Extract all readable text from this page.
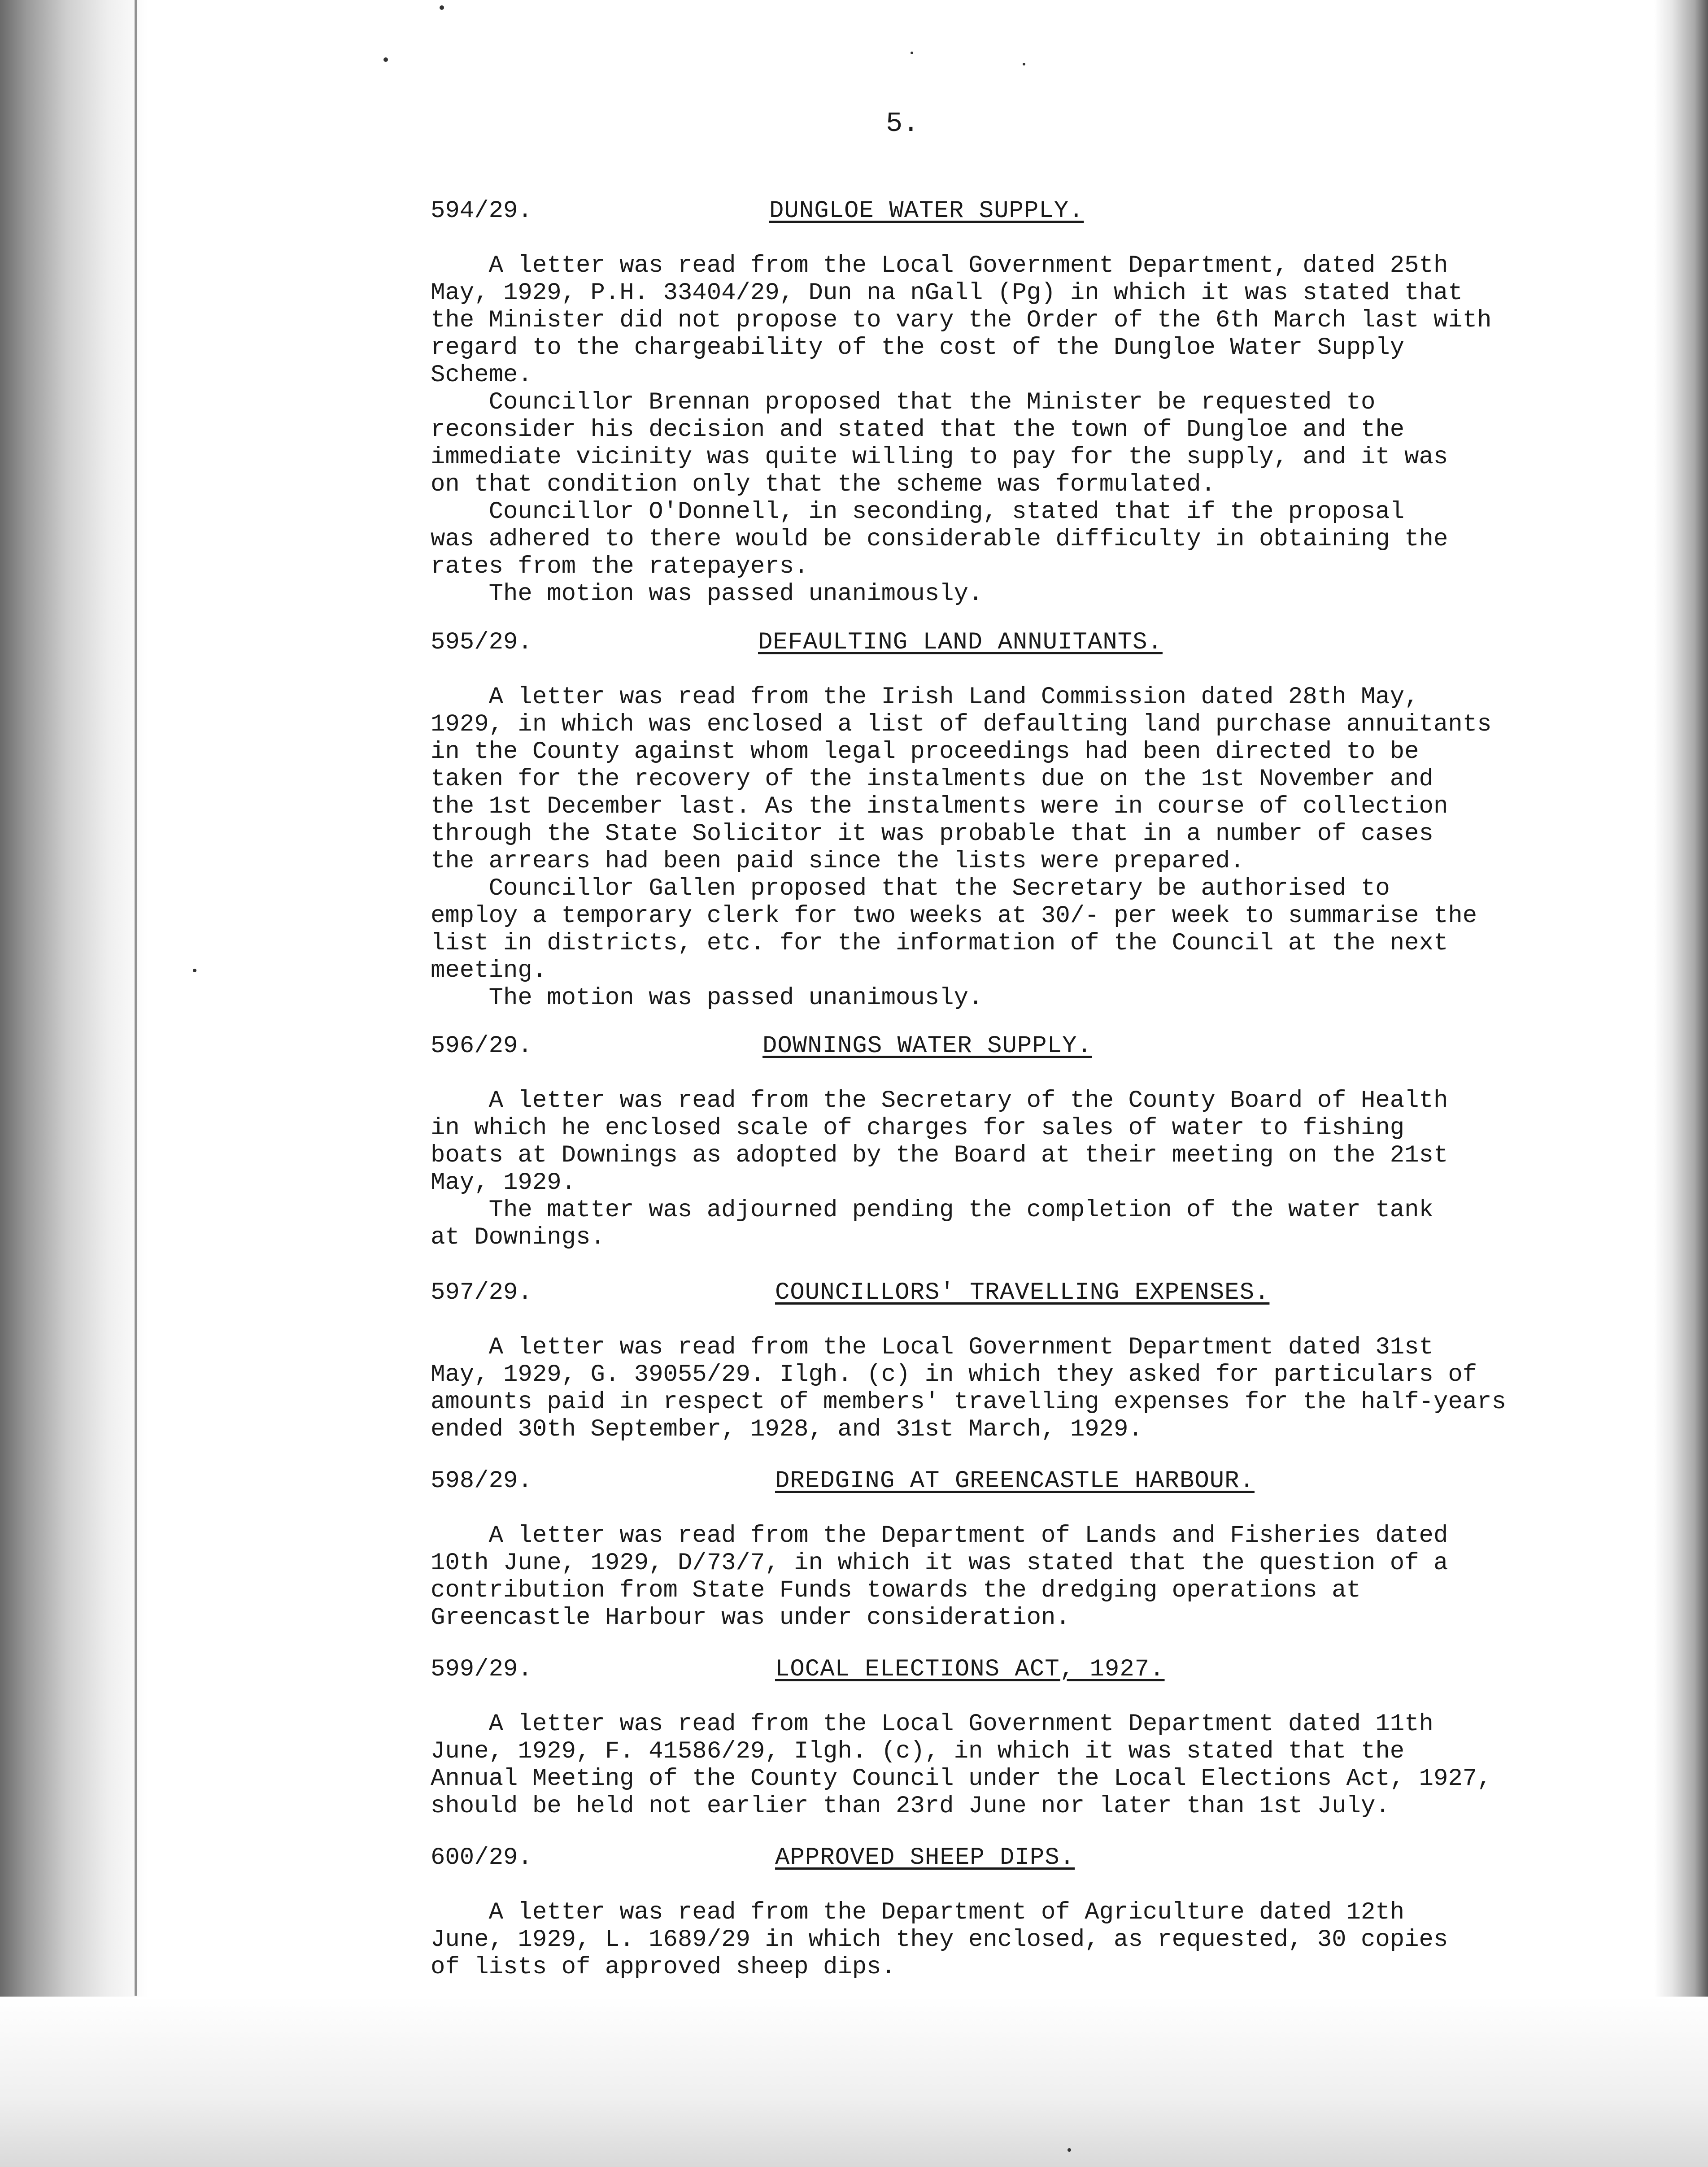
5.
594/29.	DUNGLOE WATER SUPPLY.

A letter was read from the Local Government Department, dated 25th

May, 1929, P.H. 33404/29, Dun na nGall (Pg) in which it was stated that

the Minister did not propose to vary the Order of the 6th March last with

regard to the chargeability of the cost of the Dungloe Water Supply

Scheme.

Councillor Brennan proposed that the Minister be requested to

reconsider his decision and stated that the town of Dungloe and the

immediate vicinity was quite willing to pay for the supply, and it was

on that condition only that the scheme was formulated.

Councillor O'Donnell, in seconding, stated that if the proposal

was adhered to there would be considerable difficulty in obtaining the

rates from the ratepayers.

The motion was passed unanimously.

595/29.	DEFAULTING LAND ANNUITANTS.

A letter was read from the Irish Land Commission dated 28th May,

1929, in which was enclosed a list of defaulting land purchase annuitants

in the County against whom legal proceedings had been directed to be

taken for the recovery of the instalments due on the 1st November and

the 1st December last. As the instalments were in course of collection

through the State Solicitor it was probable that in a number of cases

the arrears had been paid since the lists were prepared.

Councillor Gallen proposed that the Secretary be authorised to

employ a temporary clerk for two weeks at 30/- per week to summarise the

list in districts, etc. for the information of the Council at the next

meeting.

The motion was passed unanimously.

596/29.	DOWNINGS WATER SUPPLY.

A letter was read from the Secretary of the County Board of Health

in which he enclosed scale of charges for sales of water to fishing

boats at Downings as adopted by the Board at their meeting on the 21st

May, 1929.

The matter was adjourned pending the completion of the water tank

at Downings.

597/29.	COUNCILLORS' TRAVELLING EXPENSES.

A letter was read from the Local Government Department dated 31st

May, 1929, G. 39055/29. Ilgh. (c) in which they asked for particulars of

amounts paid in respect of members' travelling expenses for the half-years

ended 30th September, 1928, and 31st March, 1929.

598/29.	DREDGING AT GREENCASTLE HARBOUR.

A letter was read from the Department of Lands and Fisheries dated

10th June, 1929, D/73/7, in which it was stated that the question of a

contribution from State Funds towards the dredging operations at

Greencastle Harbour was under consideration.

599/29.	LOCAL ELECTIONS ACT, 1927.

A letter was read from the Local Government Department dated 11th

June, 1929, F. 41586/29, Ilgh. (c), in which it was stated that the

Annual Meeting of the County Council under the Local Elections Act, 1927,

should be held not earlier than 23rd June nor later than 1st July.

600/29.	APPROVED SHEEP DIPS.

A letter was read from the Department of Agriculture dated 12th

June, 1929, L. 1689/29 in which they enclosed, as requested, 30 copies

of lists of approved sheep dips.
